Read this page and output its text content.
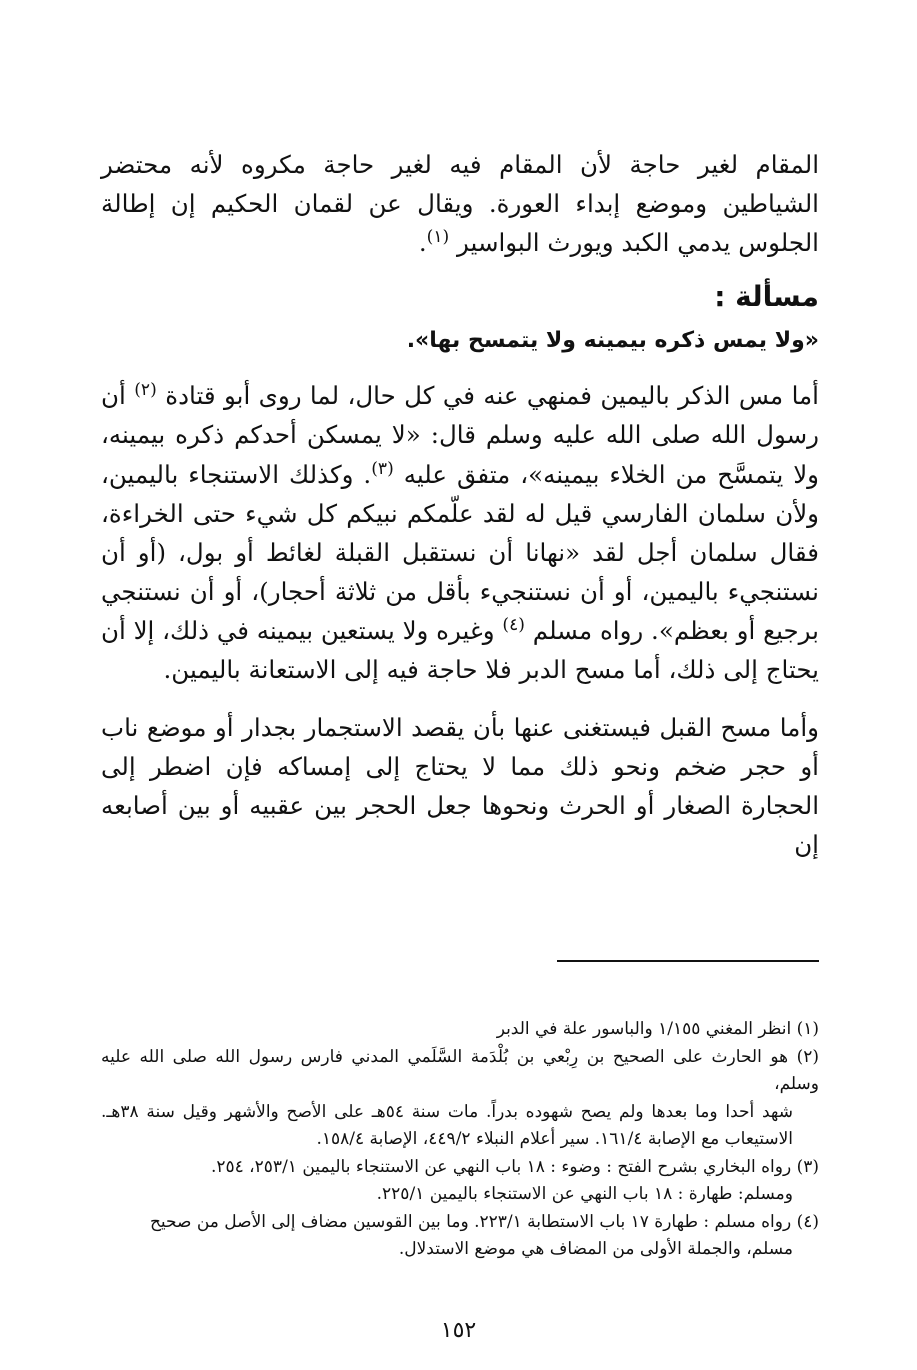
المقام لغير حاجة لأن المقام فيه لغير حاجة مكروه لأنه محتضر الشياطين وموضع إبداء العورة. ويقال عن لقمان الحكيم إن إطالة الجلوس يدمي الكبد ويورث البواسير $^{(١)}$.

مسألة :

«ولا يمس ذكره بيمينه ولا يتمسح بها».

أما مس الذكر باليمين فمنهي عنه في كل حال، لما روى أبو قتادة $^{(٢)}$ أن رسول الله صلى الله عليه وسلم قال: «لا يمسكن أحدكم ذكره بيمينه، ولا يتمسَّح من الخلاء بيمينه»، متفق عليه $^{(٣)}$. وكذلك الاستنجاء باليمين، ولأن سلمان الفارسي قيل له لقد علّمكم نبيكم كل شيء حتى الخراءة، فقال سلمان أجل لقد «نهانا أن نستقبل القبلة لغائط أو بول، (أو أن نستنجيء باليمين، أو أن نستنجيء بأقل من ثلاثة أحجار)، أو أن نستنجي برجيع أو بعظم». رواه مسلم $^{(٤)}$ وغيره ولا يستعين بيمينه في ذلك، إلا أن يحتاج إلى ذلك، أما مسح الدبر فلا حاجة فيه إلى الاستعانة باليمين.

وأما مسح القبل فيستغنى عنها بأن يقصد الاستجمار بجدار أو موضع ناب أو حجر ضخم ونحو ذلك مما لا يحتاج إلى إمساكه فإن اضطر إلى الحجارة الصغار أو الحرث ونحوها جعل الحجر بين عقبيه أو بين أصابعه إن

(١) انظر المغني ١/١٥٥ والباسور علة في الدبر

(٢) هو الحارث على الصحيح بن رِبْعي بن بُلْدَمة السَّلَمي المدني فارس رسول الله صلى الله عليه وسلم،

شهد أحدا وما بعدها ولم يصح شهوده بدراً. مات سنة ٥٤هـ على الأصح والأشهر وقيل سنة ٣٨هـ. الاستيعاب مع الإصابة ١٦١/٤. سير أعلام النبلاء ٤٤٩/٢، الإصابة ١٥٨/٤.

(٣) رواه البخاري بشرح الفتح : وضوء : ١٨ باب النهي عن الاستنجاء باليمين ٢٥٣/١، ٢٥٤.

ومسلم: طهارة : ١٨ باب النهي عن الاستنجاء باليمين ٢٢٥/١.

(٤) رواه مسلم : طهارة ١٧ باب الاستطابة ٢٢٣/١. وما بين القوسين مضاف إلى الأصل من صحيح

مسلم، والجملة الأولى من المضاف هي موضع الاستدلال.

١٥٢
